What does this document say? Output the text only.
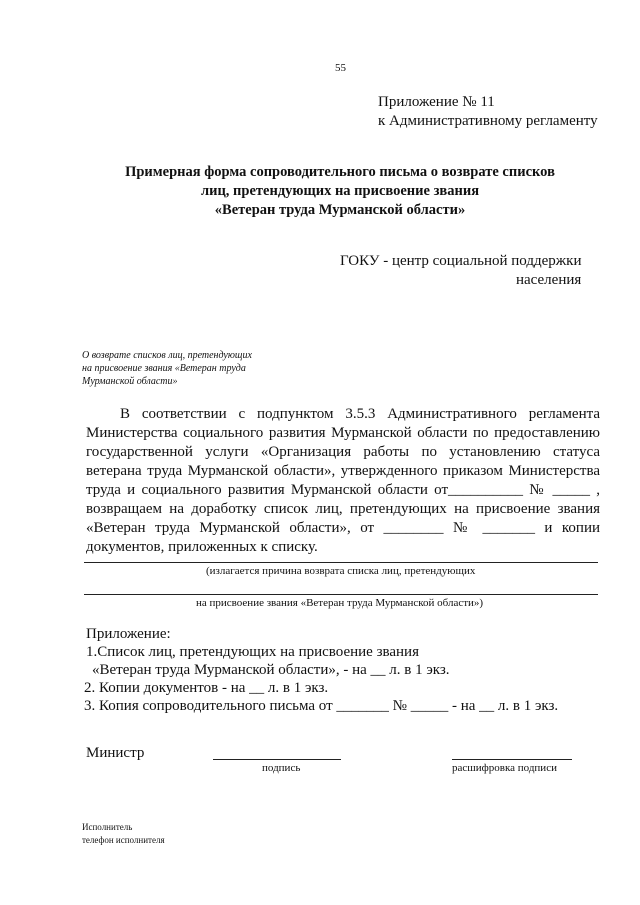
55
Приложение № 11
к Административному регламенту
Примерная форма сопроводительного письма о возврате списков
лиц, претендующих на присвоение звания
«Ветеран труда Мурманской области»
ГОКУ - центр социальной поддержки
населения
О возврате списков лиц, претендующих
на присвоение звания «Ветеран труда
Мурманской области»
В соответствии с подпунктом 3.5.3 Административного регламента
Министерства социального развития Мурманской области по предоставлению
государственной услуги «Организация работы по установлению статуса
ветерана труда Мурманской области», утвержденного приказом Министерства
труда и социального развития Мурманской области от__________ № _____ ,
возвращаем на доработку список лиц, претендующих на присвоение звания
«Ветеран труда Мурманской области», от ________ № _______ и копии
документов, приложенных к списку.
(излагается причина возврата списка лиц, претендующих
на присвоение звания «Ветеран труда Мурманской области»)
Приложение:
1.Список лиц, претендующих на присвоение звания
«Ветеран труда Мурманской области», - на __ л. в 1 экз.
2. Копии документов - на __ л. в 1 экз.
3. Копия сопроводительного письма от _______ № _____ - на __ л. в 1 экз.
Министр
подпись	расшифровка подписи
Исполнитель
телефон исполнителя
